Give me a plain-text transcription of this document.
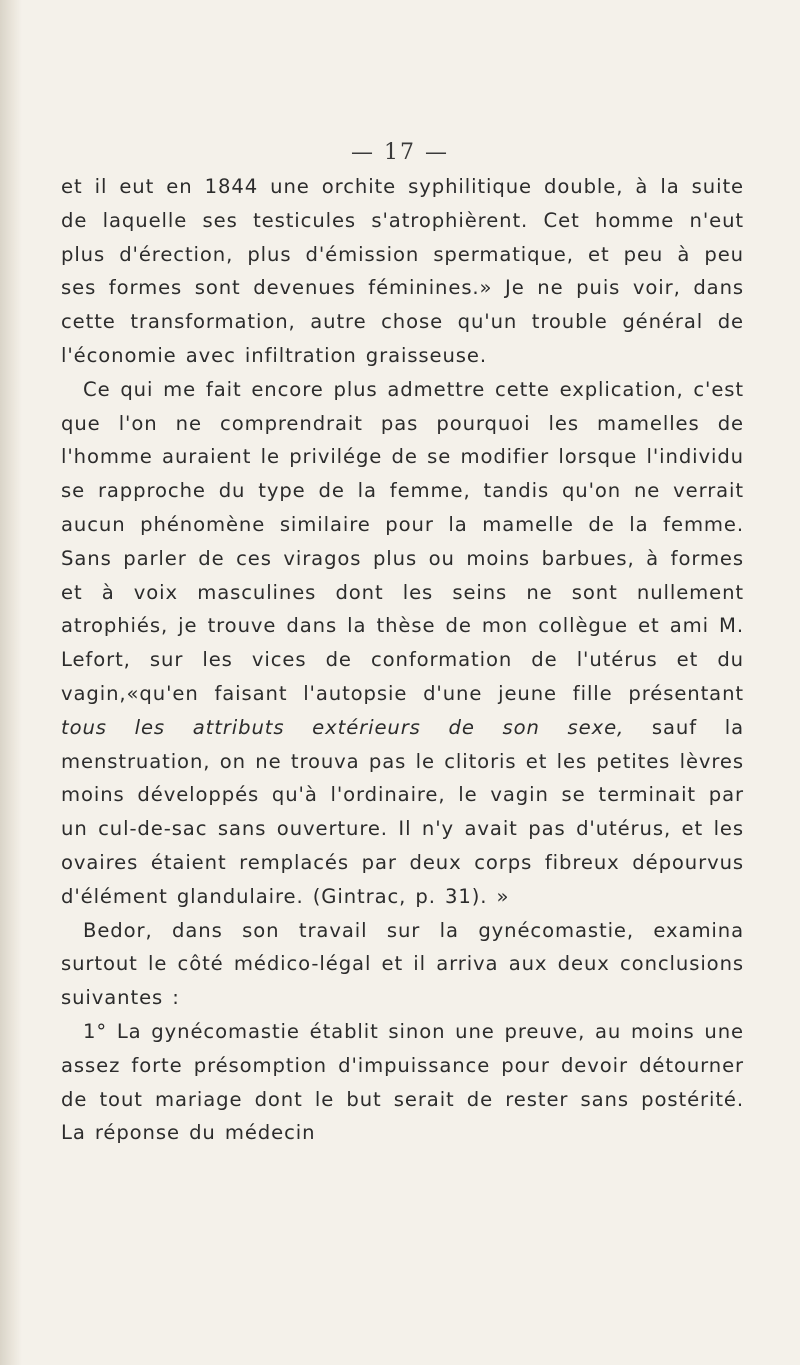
— 17 —

et il eut en 1844 une orchite syphilitique double, à la suite de laquelle ses testicules s'atrophièrent. Cet homme n'eut plus d'érection, plus d'émission spermatique, et peu à peu ses formes sont devenues féminines.» Je ne puis voir, dans cette transformation, autre chose qu'un trouble général de l'économie avec infiltration graisseuse.

Ce qui me fait encore plus admettre cette explication, c'est que l'on ne comprendrait pas pourquoi les mamelles de l'homme auraient le privilége de se modifier lorsque l'individu se rapproche du type de la femme, tandis qu'on ne verrait aucun phénomène similaire pour la mamelle de la femme. Sans parler de ces viragos plus ou moins barbues, à formes et à voix masculines dont les seins ne sont nullement atrophiés, je trouve dans la thèse de mon collègue et ami M. Lefort, sur les vices de conformation de l'utérus et du vagin,«qu'en faisant l'autopsie d'une jeune fille présentant tous les attributs extérieurs de son sexe, sauf la menstruation, on ne trouva pas le clitoris et les petites lèvres moins développés qu'à l'ordinaire, le vagin se terminait par un cul-de-sac sans ouverture. Il n'y avait pas d'utérus, et les ovaires étaient remplacés par deux corps fibreux dépourvus d'élément glandulaire. (Gintrac, p. 31). »

Bedor, dans son travail sur la gynécomastie, examina surtout le côté médico-légal et il arriva aux deux conclusions suivantes :

1° La gynécomastie établit sinon une preuve, au moins une assez forte présomption d'impuissance pour devoir détourner de tout mariage dont le but serait de rester sans postérité. La réponse du médecin
